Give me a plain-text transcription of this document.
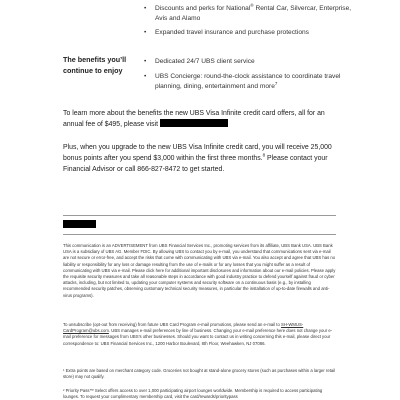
• Discounts and perks for National® Rental Car, Silvercar, Enterprise, Avis and Alamo
• Expanded travel insurance and purchase protections
The benefits you’ll continue to enjoy
• Dedicated 24/7 UBS client service
• UBS Concierge: round-the-clock assistance to coordinate travel planning, dining, entertainment and more$^7$
To learn more about the benefits the new UBS Visa Infinite credit card offers, all for an annual fee of $495, please visit
Plus, when you upgrade to the new UBS Visa Infinite credit card, you will receive 25,000 bonus points after you spend $3,000 within the first three months.$^8$ Please contact your Financial Advisor or call 866-827-8472 to get started.
This communication is an ADVERTISEMENT from UBS Financial Services Inc., promoting services from its affiliate, UBS Bank USA. UBS Bank USA is a subsidiary of UBS AG. Member FDIC. By allowing UBS to contact you by e-mail, you understand that communications sent via e-mail are not secure or error-free, and accept the risks that come with communicating with UBS via e-mail. You also accept and agree that UBS has no liability or responsibility for any loss or damage resulting from the use of e-mails or for any losses that you might suffer as a result of communicating with UBS via e-mail. Please click here for additional important disclosures and information about our e-mail policies. Please apply the requisite security measures and take all reasonable steps in accordance with good industry practice to defend yourself against fraud or cyber attacks, including, but not limited to, updating your computer systems and security software on a continuous basis (e.g., by installing recommended security patches, observing customary technical security measures, in particular the installation of up-to-date firewalls and anti-virus programs).
To unsubscribe (opt-out from receiving) from future UBS Card Program e-mail promotions, please send an e-mail to SH-WMUS-CardProgram@ubs.com. UBS manages e-mail preferences by line of business. Changing your e-mail preference here does not change your e-mail preference for messages from UBS’s other businesses. Should you want to contact us in writing concerning this e-mail, please direct your correspondence to: UBS Financial Services Inc., 1200 Harbor Boulevard, 8th Floor, Weehawken, NJ 07086.
¹ Extra points are based on merchant category code. Groceries not bought at stand-alone grocery stores (such as purchases within a larger retail store) may not qualify.
² Priority Pass™ Select offers access to over 1,000 participating airport lounges worldwide. Membership is required to access participating lounges. To request your complimentary membership card, visit the card/rewards/prioritypass
